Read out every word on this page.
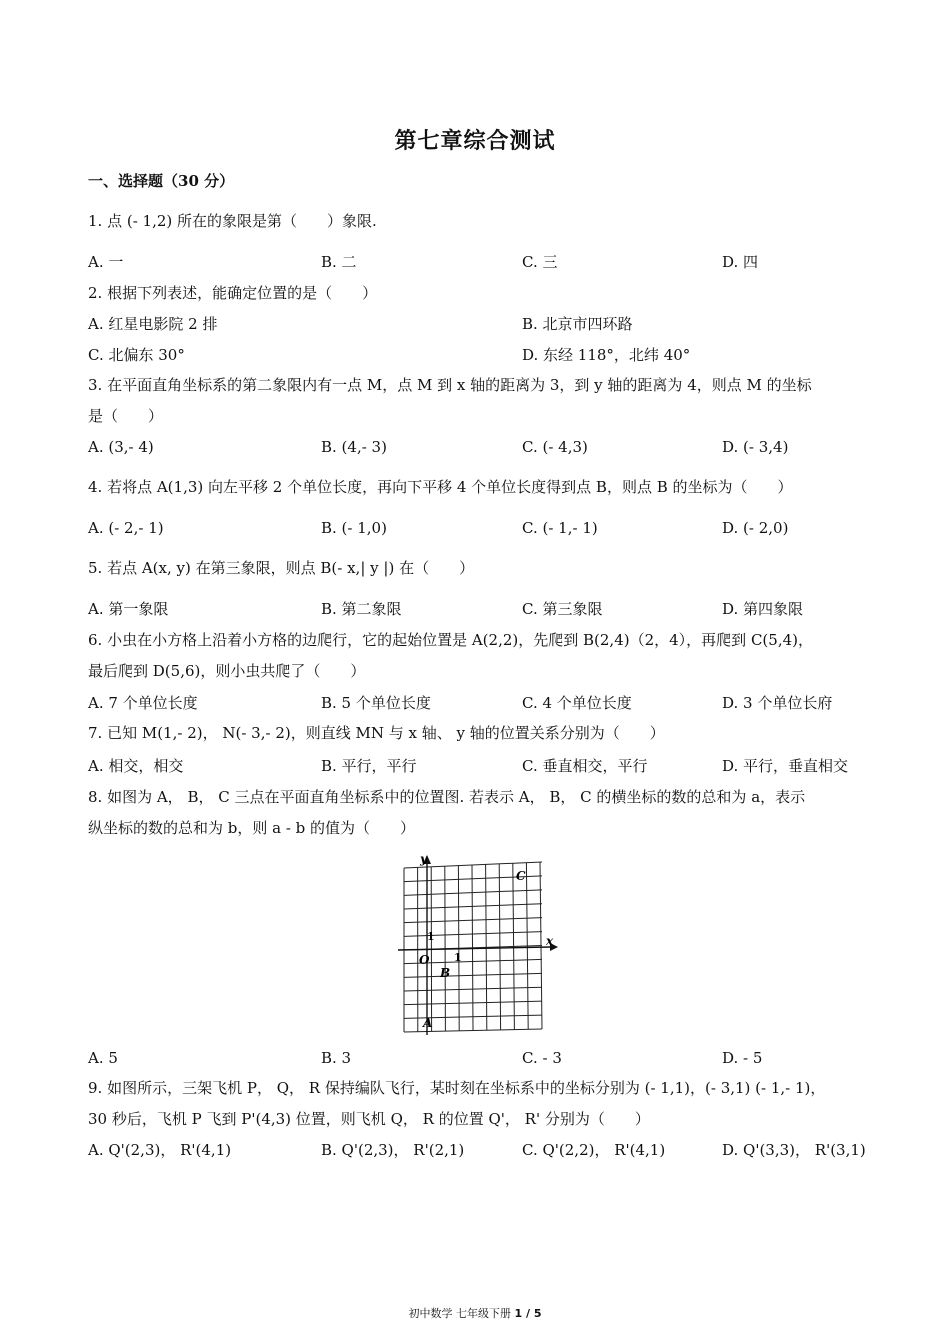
第七章综合测试
一、选择题（30 分）
1. 点 (- 1,2) 所在的象限是第（　　）象限.
A. 一	B. 二	C. 三	D. 四
2. 根据下列表述，能确定位置的是（　　）
A. 红星电影院 2 排	B. 北京市四环路
C. 北偏东 30°	D. 东经 118°，北纬 40°
3. 在平面直角坐标系的第二象限内有一点 M，点 M 到 x 轴的距离为 3，到 y 轴的距离为 4，则点 M 的坐标
是（　　）
A. (3,- 4)	B. (4,- 3)	C. (- 4,3)	D. (- 3,4)
4. 若将点 A(1,3) 向左平移 2 个单位长度，再向下平移 4 个单位长度得到点 B，则点 B 的坐标为（　　）
A. (- 2,- 1)	B. (- 1,0)	C. (- 1,- 1)	D. (- 2,0)
5. 若点 A(x, y) 在第三象限，则点 B(- x,| y |) 在（　　）
A. 第一象限	B. 第二象限	C. 第三象限	D. 第四象限
6. 小虫在小方格上沿着小方格的边爬行，它的起始位置是 A(2,2)，先爬到 B(2,4)（2，4），再爬到 C(5,4)，
最后爬到 D(5,6)，则小虫共爬了（　　）
A. 7 个单位长度	B. 5 个单位长度	C. 4 个单位长度	D. 3 个单位长府
7. 已知 M(1,- 2)， N(- 3,- 2)，则直线 MN 与 x 轴、 y 轴的位置关系分别为（　　）
A. 相交，相交	B. 平行，平行	C. 垂直相交，平行	D. 平行，垂直相交
8. 如图为 A， B， C 三点在平面直角坐标系中的位置图. 若表示 A， B， C 的横坐标的数的总和为 a，表示
纵坐标的数的总和为 b，则 a - b 的值为（　　）
y
x
O 1
1
B
C
A
A. 5	B. 3	C. - 3	D. - 5
9. 如图所示，三架飞机 P， Q， R 保持编队飞行，某时刻在坐标系中的坐标分别为 (- 1,1)，(- 3,1) (- 1,- 1)，
30 秒后，飞机 P 飞到 P'(4,3) 位置，则飞机 Q， R 的位置 Q'， R' 分别为（　　）
A. Q'(2,3)， R'(4,1)	B. Q'(2,3)， R'(2,1)	C. Q'(2,2)， R'(4,1)	D. Q'(3,3)， R'(3,1)
初中数学 七年级下册 1 / 5
